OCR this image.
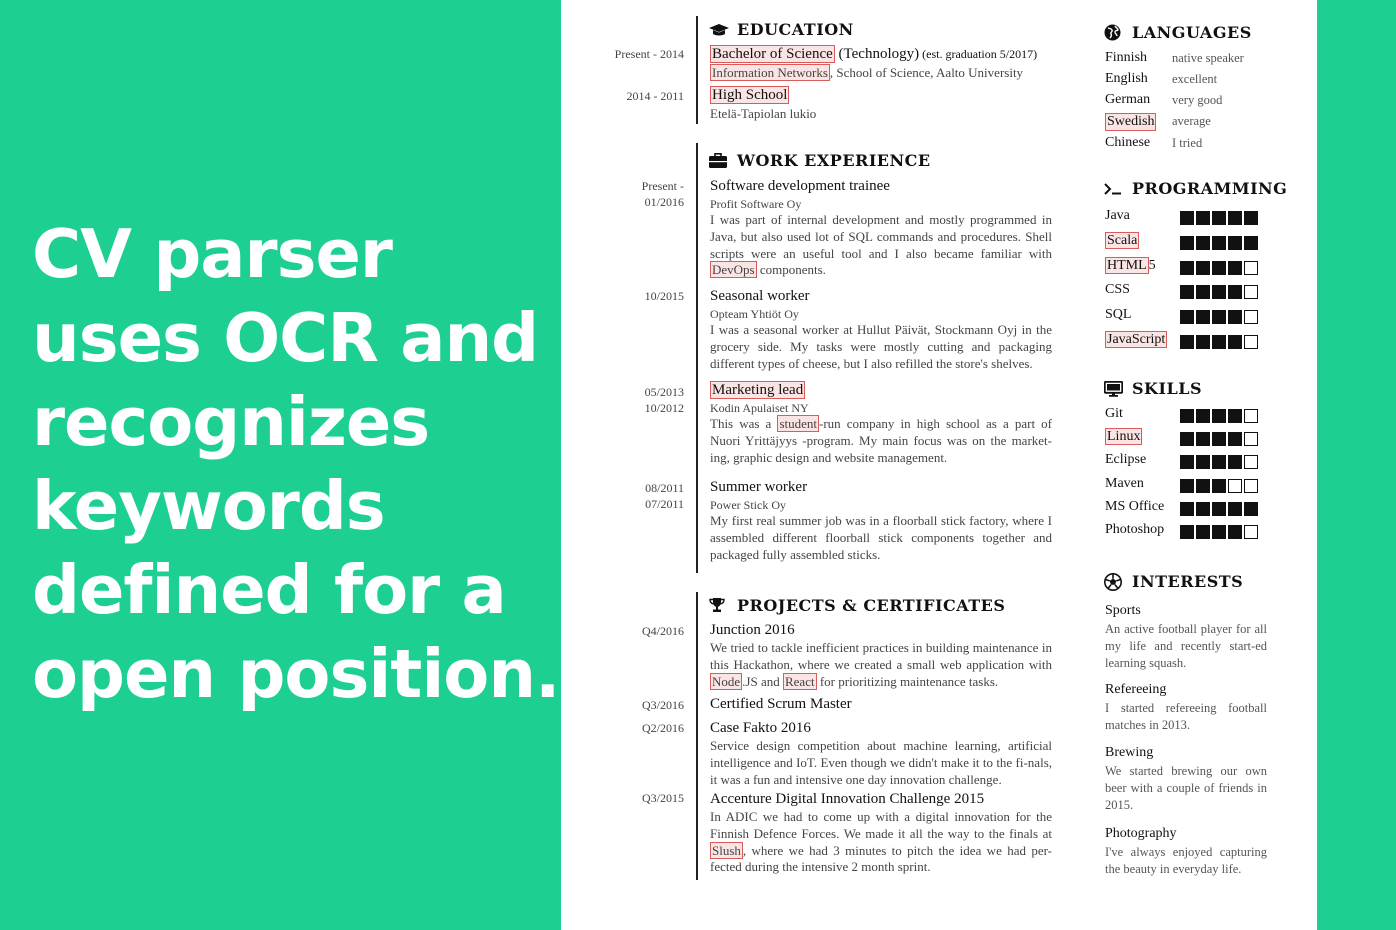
CV parser
uses OCR and
recognizes
keywords
defined for a
open position.
EDUCATION
Present - 2014 Bachelor of Science (Technology) (est. graduation 5/2017)
Information Networks , School of Science, Aalto University
2014 - 2011 High School
Etelä-Tapiolan lukio
WORK EXPERIENCE
Present -
01/2016
Software development trainee
Profit Software Oy
I was part of internal development and mostly programmed in Java, but also used lot of SQL commands and procedures. Shell scripts were an useful tool and I also became familiar with DevOps components.
10/2015 Seasonal worker
Opteam Yhtiöt Oy
I was a seasonal worker at Hullut Päivät, Stockmann Oyj in the grocery side. My tasks were mostly cutting and packaging different types of cheese, but I also refilled the store's shelves.
05/2013
10/2012
Marketing lead
Kodin Apulaiset NY
This was a student -run company in high school as a part of Nuori Yrittäjyys -program. My main focus was on the market-ing, graphic design and website management.
08/2011
07/2011
Summer worker
Power Stick Oy
My first real summer job was in a floorball stick factory, where I assembled different floorball stick components together and packaged fully assembled sticks.
PROJECTS & CERTIFICATES
Q4/2016 Junction 2016
We tried to tackle inefficient practices in building maintenance in this Hackathon, where we created a small web application with Node .JS and React for prioritizing maintenance tasks.
Q3/2016 Certified Scrum Master
Q2/2016 Case Fakto 2016
Service design competition about machine learning, artificial intelligence and IoT. Even though we didn't make it to the fi-nals, it was a fun and intensive one day innovation challenge.
Q3/2015 Accenture Digital Innovation Challenge 2015
In ADIC we had to come up with a digital innovation for the Finnish Defence Forces. We made it all the way to the finals at Slush , where we had 3 minutes to pitch the idea we had per-fected during the intensive 2 month sprint.
LANGUAGES
Finnish native speaker
English excellent
German very good
Swedish average
Chinese I tried
PROGRAMMING
Java
Scala
HTML 5
CSS
SQL
JavaScript
SKILLS
Git
Linux
Eclipse
Maven
MS Office
Photoshop
INTERESTS
Sports
An active football player for all my life and recently start-ed learning squash.
Refereeing
I started refereeing football matches in 2013.
Brewing
We started brewing our own beer with a couple of friends in 2015.
Photography
I've always enjoyed capturing the beauty in everyday life.
